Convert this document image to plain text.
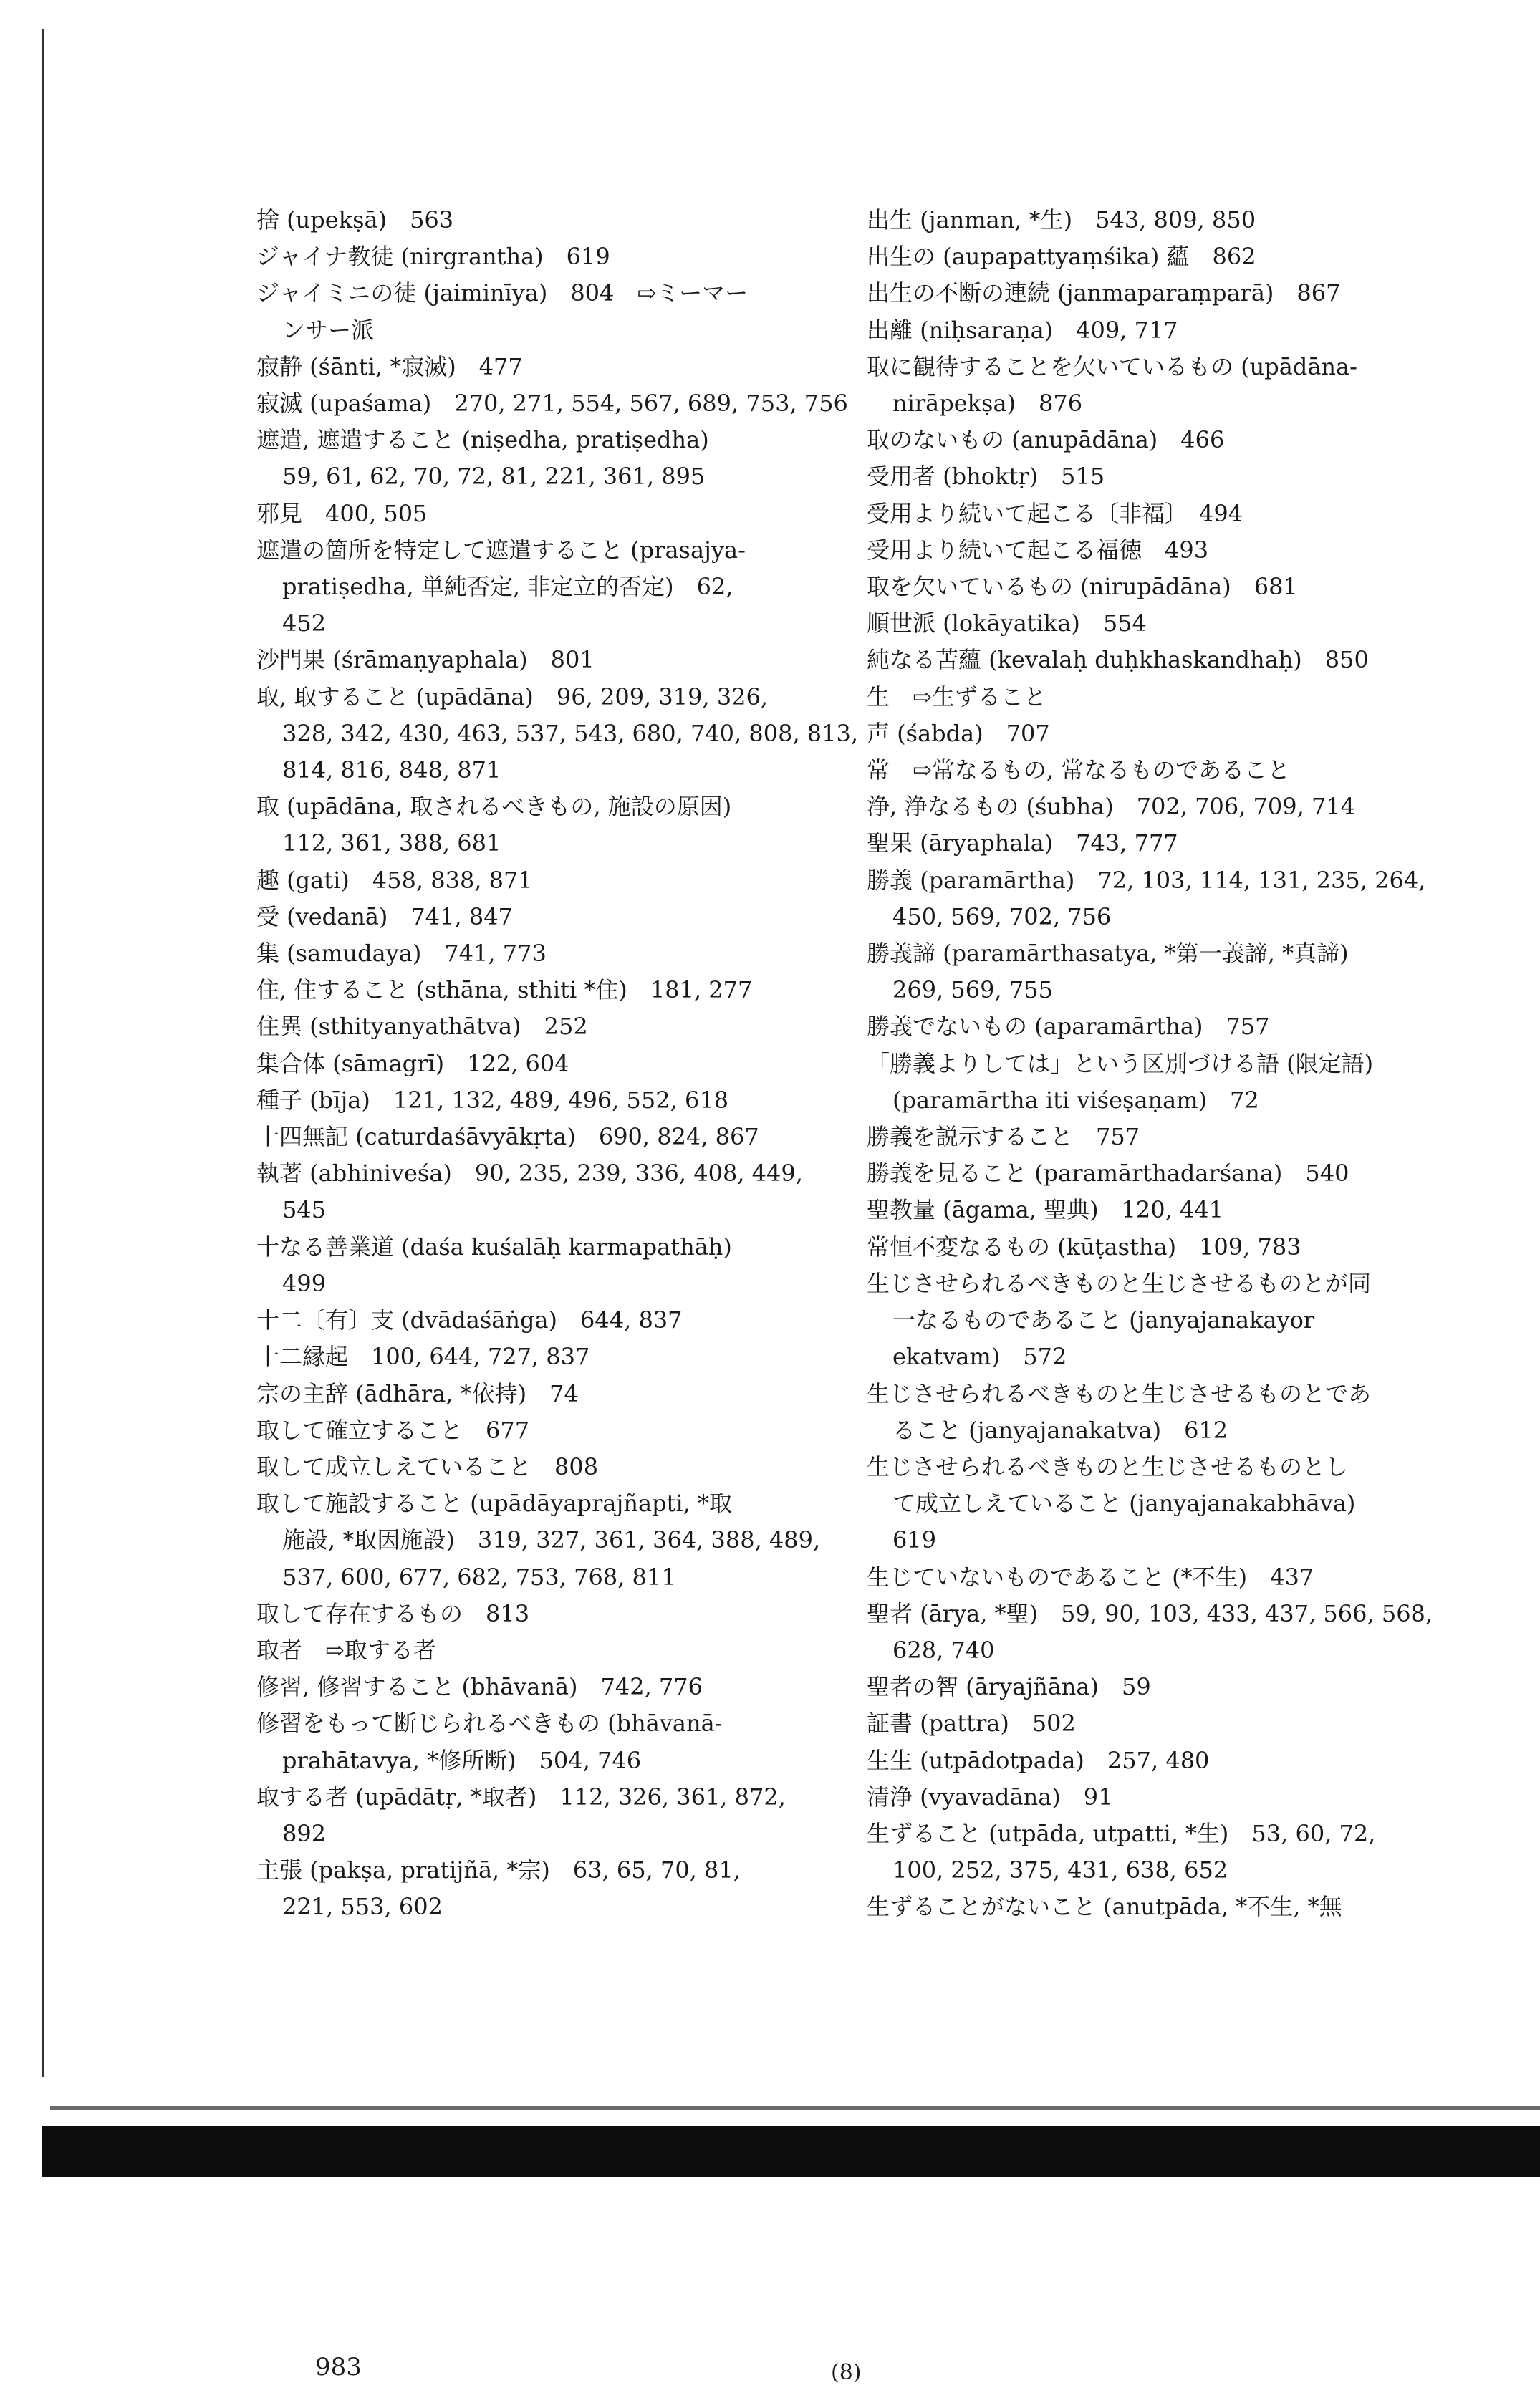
捨 (upekṣā)　563
ジャイナ教徒 (nirgrantha)　619
ジャイミニの徒 (jaiminīya)　804　⇨ミーマー
ンサー派
寂静 (śānti, *寂滅)　477
寂滅 (upaśama)　270, 271, 554, 567, 689, 753, 756
遮遣, 遮遣すること (niṣedha, pratiṣedha)
59, 61, 62, 70, 72, 81, 221, 361, 895
邪見　400, 505
遮遣の箇所を特定して遮遣すること (prasajya-
pratiṣedha, 単純否定, 非定立的否定)　62,
452
沙門果 (śrāmaṇyaphala)　801
取, 取すること (upādāna)　96, 209, 319, 326,
328, 342, 430, 463, 537, 543, 680, 740, 808, 813,
814, 816, 848, 871
取 (upādāna, 取されるべきもの, 施設の原因)
112, 361, 388, 681
趣 (gati)　458, 838, 871
受 (vedanā)　741, 847
集 (samudaya)　741, 773
住, 住すること (sthāna, sthiti *住)　181, 277
住異 (sthityanyathātva)　252
集合体 (sāmagrī)　122, 604
種子 (bīja)　121, 132, 489, 496, 552, 618
十四無記 (caturdaśāvyākṛta)　690, 824, 867
執著 (abhiniveśa)　90, 235, 239, 336, 408, 449,
545
十なる善業道 (daśa kuśalāḥ karmapathāḥ)
499
十二〔有〕支 (dvādaśāṅga)　644, 837
十二縁起　100, 644, 727, 837
宗の主辞 (ādhāra, *依持)　74
取して確立すること　677
取して成立しえていること　808
取して施設すること (upādāyaprajñapti, *取
施設, *取因施設)　319, 327, 361, 364, 388, 489,
537, 600, 677, 682, 753, 768, 811
取して存在するもの　813
取者　⇨取する者
修習, 修習すること (bhāvanā)　742, 776
修習をもって断じられるべきもの (bhāvanā-
prahātavya, *修所断)　504, 746
取する者 (upādātṛ, *取者)　112, 326, 361, 872,
892
主張 (pakṣa, pratijñā, *宗)　63, 65, 70, 81,
221, 553, 602
出生 (janman, *生)　543, 809, 850
出生の (aupapattyaṃśika) 蘊　862
出生の不断の連続 (janmaparaṃparā)　867
出離 (niḥsaraṇa)　409, 717
取に観待することを欠いているもの (upādāna-
nirāpekṣa)　876
取のないもの (anupādāna)　466
受用者 (bhoktṛ)　515
受用より続いて起こる〔非福〕　494
受用より続いて起こる福徳　493
取を欠いているもの (nirupādāna)　681
順世派 (lokāyatika)　554
純なる苦蘊 (kevalaḥ duḥkhaskandhaḥ)　850
生　⇨生ずること
声 (śabda)　707
常　⇨常なるもの, 常なるものであること
浄, 浄なるもの (śubha)　702, 706, 709, 714
聖果 (āryaphala)　743, 777
勝義 (paramārtha)　72, 103, 114, 131, 235, 264,
450, 569, 702, 756
勝義諦 (paramārthasatya, *第一義諦, *真諦)
269, 569, 755
勝義でないもの (aparamārtha)　757
「勝義よりしては」という区別づける語 (限定語)
(paramārtha iti viśeṣaṇam)　72
勝義を説示すること　757
勝義を見ること (paramārthadarśana)　540
聖教量 (āgama, 聖典)　120, 441
常恒不変なるもの (kūṭastha)　109, 783
生じさせられるべきものと生じさせるものとが同
一なるものであること (janyajanakayor
ekatvam)　572
生じさせられるべきものと生じさせるものとであ
ること (janyajanakatva)　612
生じさせられるべきものと生じさせるものとし
て成立しえていること (janyajanakabhāva)
619
生じていないものであること (*不生)　437
聖者 (ārya, *聖)　59, 90, 103, 433, 437, 566, 568,
628, 740
聖者の智 (āryajñāna)　59
証書 (pattra)　502
生生 (utpādotpada)　257, 480
清浄 (vyavadāna)　91
生ずること (utpāda, utpatti, *生)　53, 60, 72,
100, 252, 375, 431, 638, 652
生ずることがないこと (anutpāda, *不生, *無
983	(8)
